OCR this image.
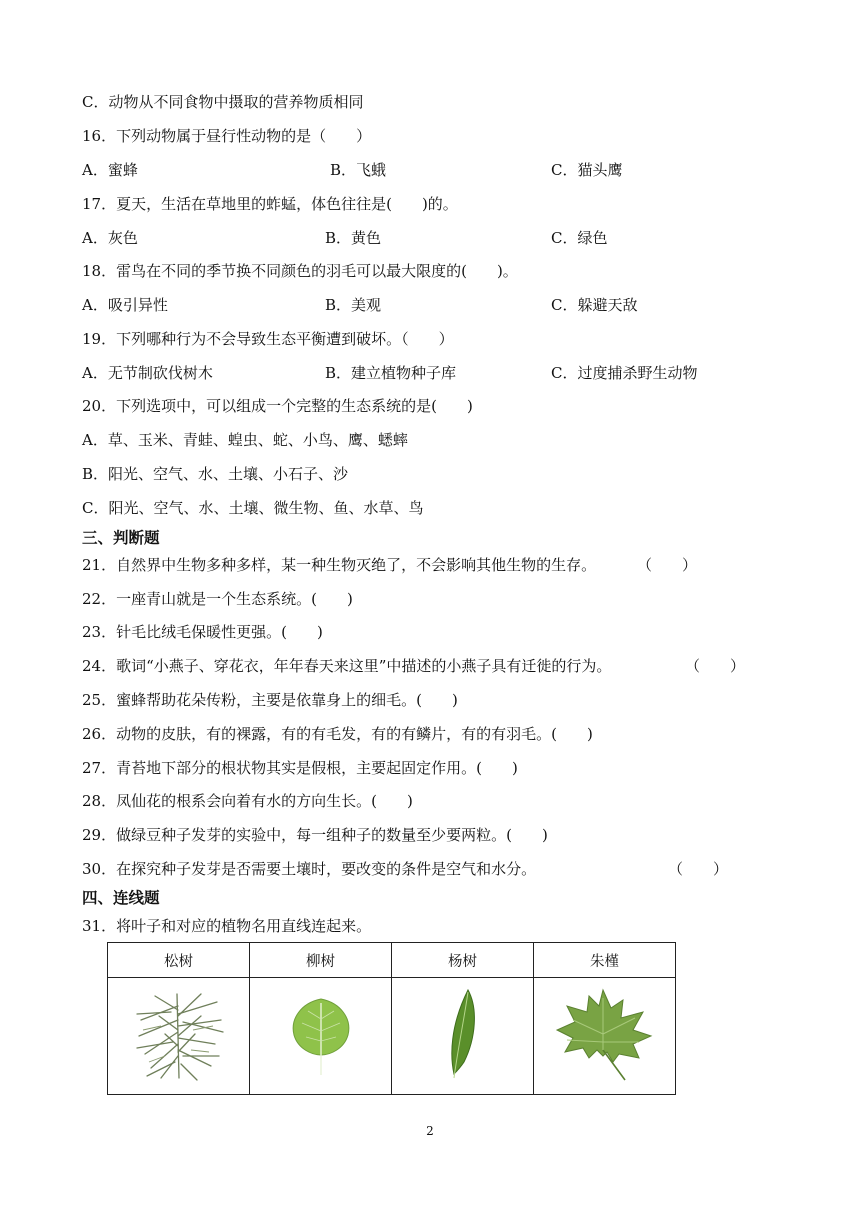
C．动物从不同食物中摄取的营养物质相同
16．下列动物属于昼行性动物的是（　　）
A．蜜蜂	B．飞蛾	C．猫头鹰
17．夏天，生活在草地里的蚱蜢，体色往往是(　　)的。
A．灰色	B．黄色	C．绿色
18．雷鸟在不同的季节换不同颜色的羽毛可以最大限度的(　　)。
A．吸引异性	B．美观	C．躲避天敌
19．下列哪种行为不会导致生态平衡遭到破坏。（　　）
A．无节制砍伐树木	B．建立植物种子库	C．过度捕杀野生动物
20．下列选项中，可以组成一个完整的生态系统的是(　　)
A．草、玉米、青蛙、蝗虫、蛇、小鸟、鹰、蟋蟀
B．阳光、空气、水、土壤、小石子、沙
C．阳光、空气、水、土壤、微生物、鱼、水草、鸟
三、判断题
21．自然界中生物多种多样，某一种生物灭绝了，不会影响其他生物的生存。	（　　）
22．一座青山就是一个生态系统。(　　)
23．针毛比绒毛保暖性更强。(　　)
24．歌词“小燕子、穿花衣，年年春天来这里”中描述的小燕子具有迁徙的行为。	（　　）
25．蜜蜂帮助花朵传粉，主要是依靠身上的细毛。(　　)
26．动物的皮肤，有的裸露，有的有毛发，有的有鳞片，有的有羽毛。(　　)
27．青苔地下部分的根状物其实是假根，主要起固定作用。(　　)
28．凤仙花的根系会向着有水的方向生长。(　　)
29．做绿豆种子发芽的实验中，每一组种子的数量至少要两粒。(　　)
30．在探究种子发芽是否需要土壤时，要改变的条件是空气和水分。	（　　）
四、连线题
31．将叶子和对应的植物名用直线连起来。
松树	柳树	杨树	朱槿

2
